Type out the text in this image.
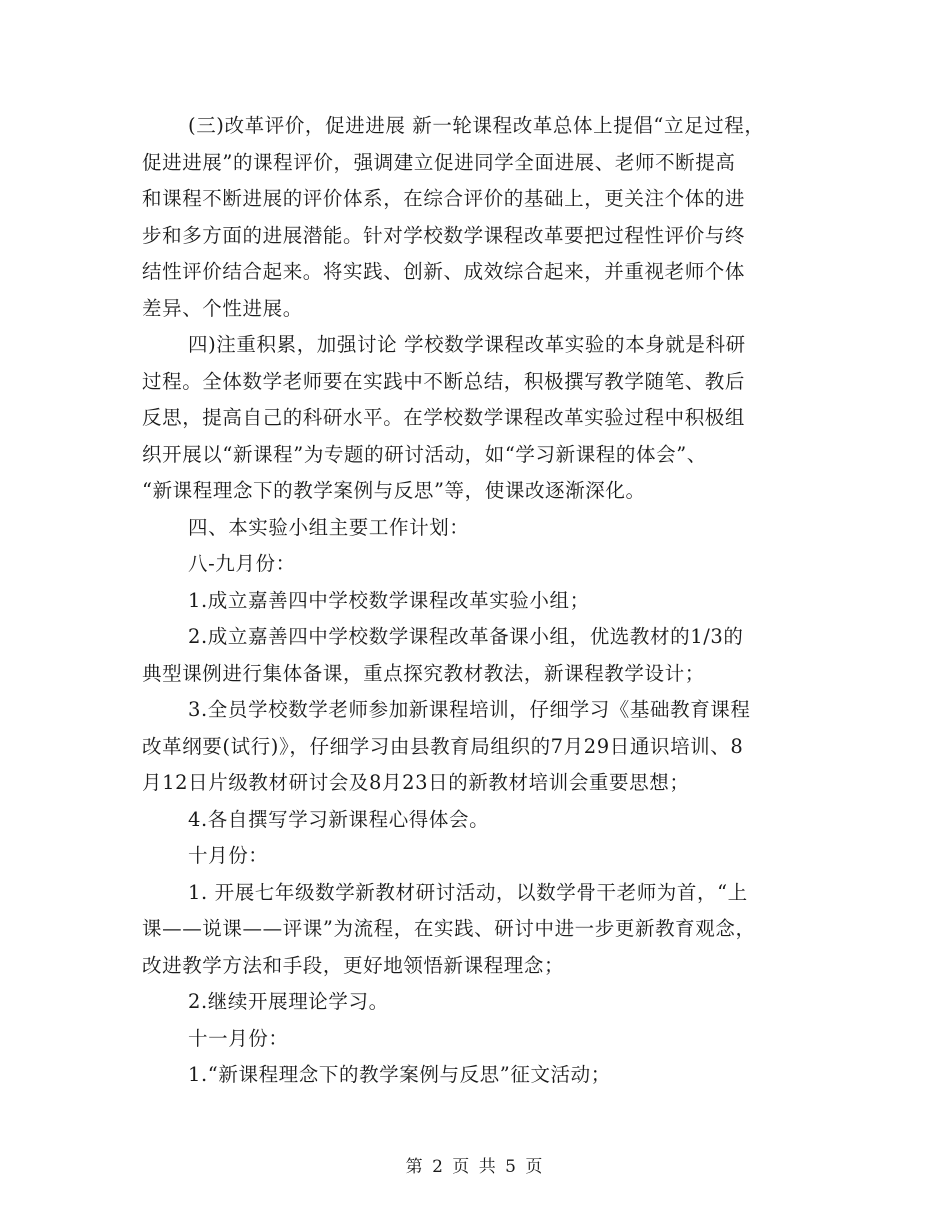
(三)改革评价，促进进展 新一轮课程改革总体上提倡“立足过程，
促进进展”的课程评价，强调建立促进同学全面进展、老师不断提高
和课程不断进展的评价体系，在综合评价的基础上，更关注个体的进
步和多方面的进展潜能。针对学校数学课程改革要把过程性评价与终
结性评价结合起来。将实践、创新、成效综合起来，并重视老师个体
差异、个性进展。
四)注重积累，加强讨论 学校数学课程改革实验的本身就是科研
过程。全体数学老师要在实践中不断总结，积极撰写教学随笔、教后
反思，提高自己的科研水平。在学校数学课程改革实验过程中积极组
织开展以“新课程”为专题的研讨活动，如“学习新课程的体会”、
“新课程理念下的教学案例与反思”等，使课改逐渐深化。
四、本实验小组主要工作计划：
八-九月份：
1.成立嘉善四中学校数学课程改革实验小组；
2.成立嘉善四中学校数学课程改革备课小组，优选教材的1/3的
典型课例进行集体备课，重点探究教材教法，新课程教学设计；
3.全员学校数学老师参加新课程培训，仔细学习《基础教育课程
改革纲要(试行)》，仔细学习由县教育局组织的7月29日通识培训、8
月12日片级教材研讨会及8月23日的新教材培训会重要思想；
4.各自撰写学习新课程心得体会。
十月份：
1. 开展七年级数学新教材研讨活动，以数学骨干老师为首，“上
课——说课——评课”为流程，在实践、研讨中进一步更新教育观念，
改进教学方法和手段，更好地领悟新课程理念；
2.继续开展理论学习。
十一月份：
1.“新课程理念下的教学案例与反思”征文活动；
第 2 页 共 5 页
